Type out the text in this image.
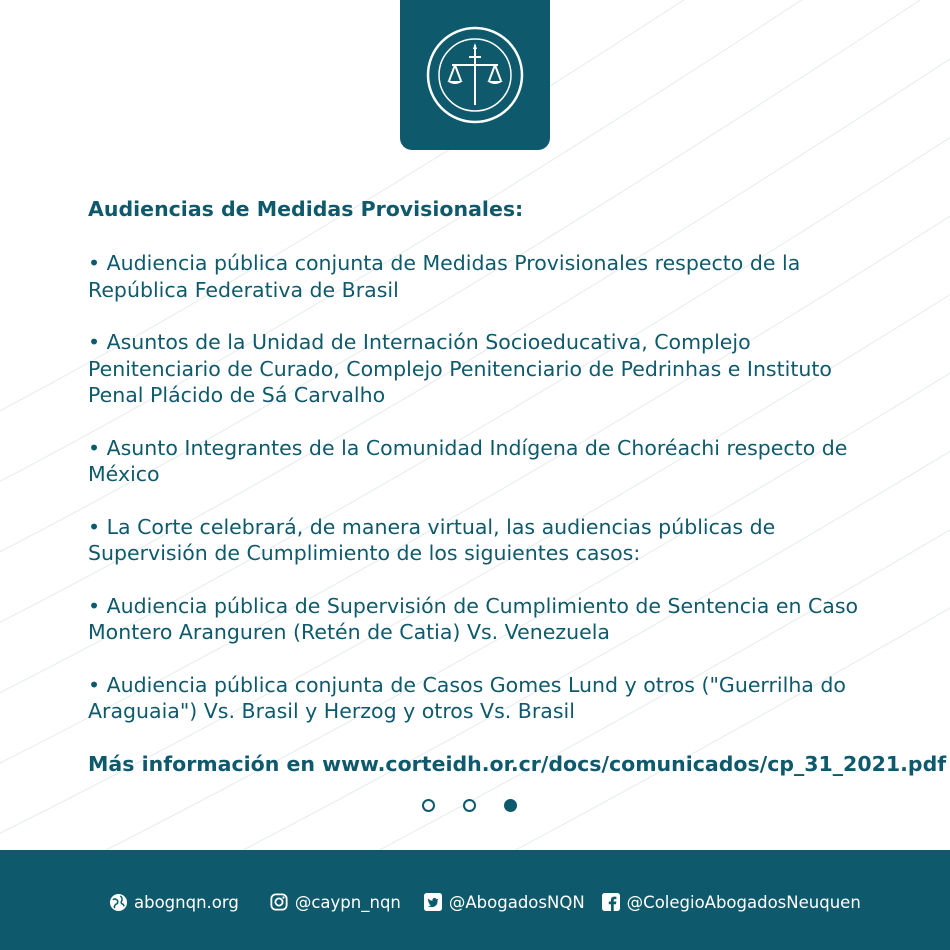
Audiencias de Medidas Provisionales:

• Audiencia pública conjunta de Medidas Provisionales respecto de la República Federativa de Brasil

• Asuntos de la Unidad de Internación Socioeducativa, Complejo Penitenciario de Curado, Complejo Penitenciario de Pedrinhas e Instituto Penal Plácido de Sá Carvalho

• Asunto Integrantes de la Comunidad Indígena de Choréachi respecto de México

• La Corte celebrará, de manera virtual, las audiencias públicas de Supervisión de Cumplimiento de los siguientes casos:

• Audiencia pública de Supervisión de Cumplimiento de Sentencia en Caso Montero Aranguren (Retén de Catia) Vs. Venezuela

• Audiencia pública conjunta de Casos Gomes Lund y otros ("Guerrilha do Araguaia") Vs. Brasil y Herzog y otros Vs. Brasil

Más información en www.corteidh.or.cr/docs/comunicados/cp_31_2021.pdf

abognqn.org	@caypn_nqn	@AbogadosNQN	@ColegioAbogadosNeuquen
